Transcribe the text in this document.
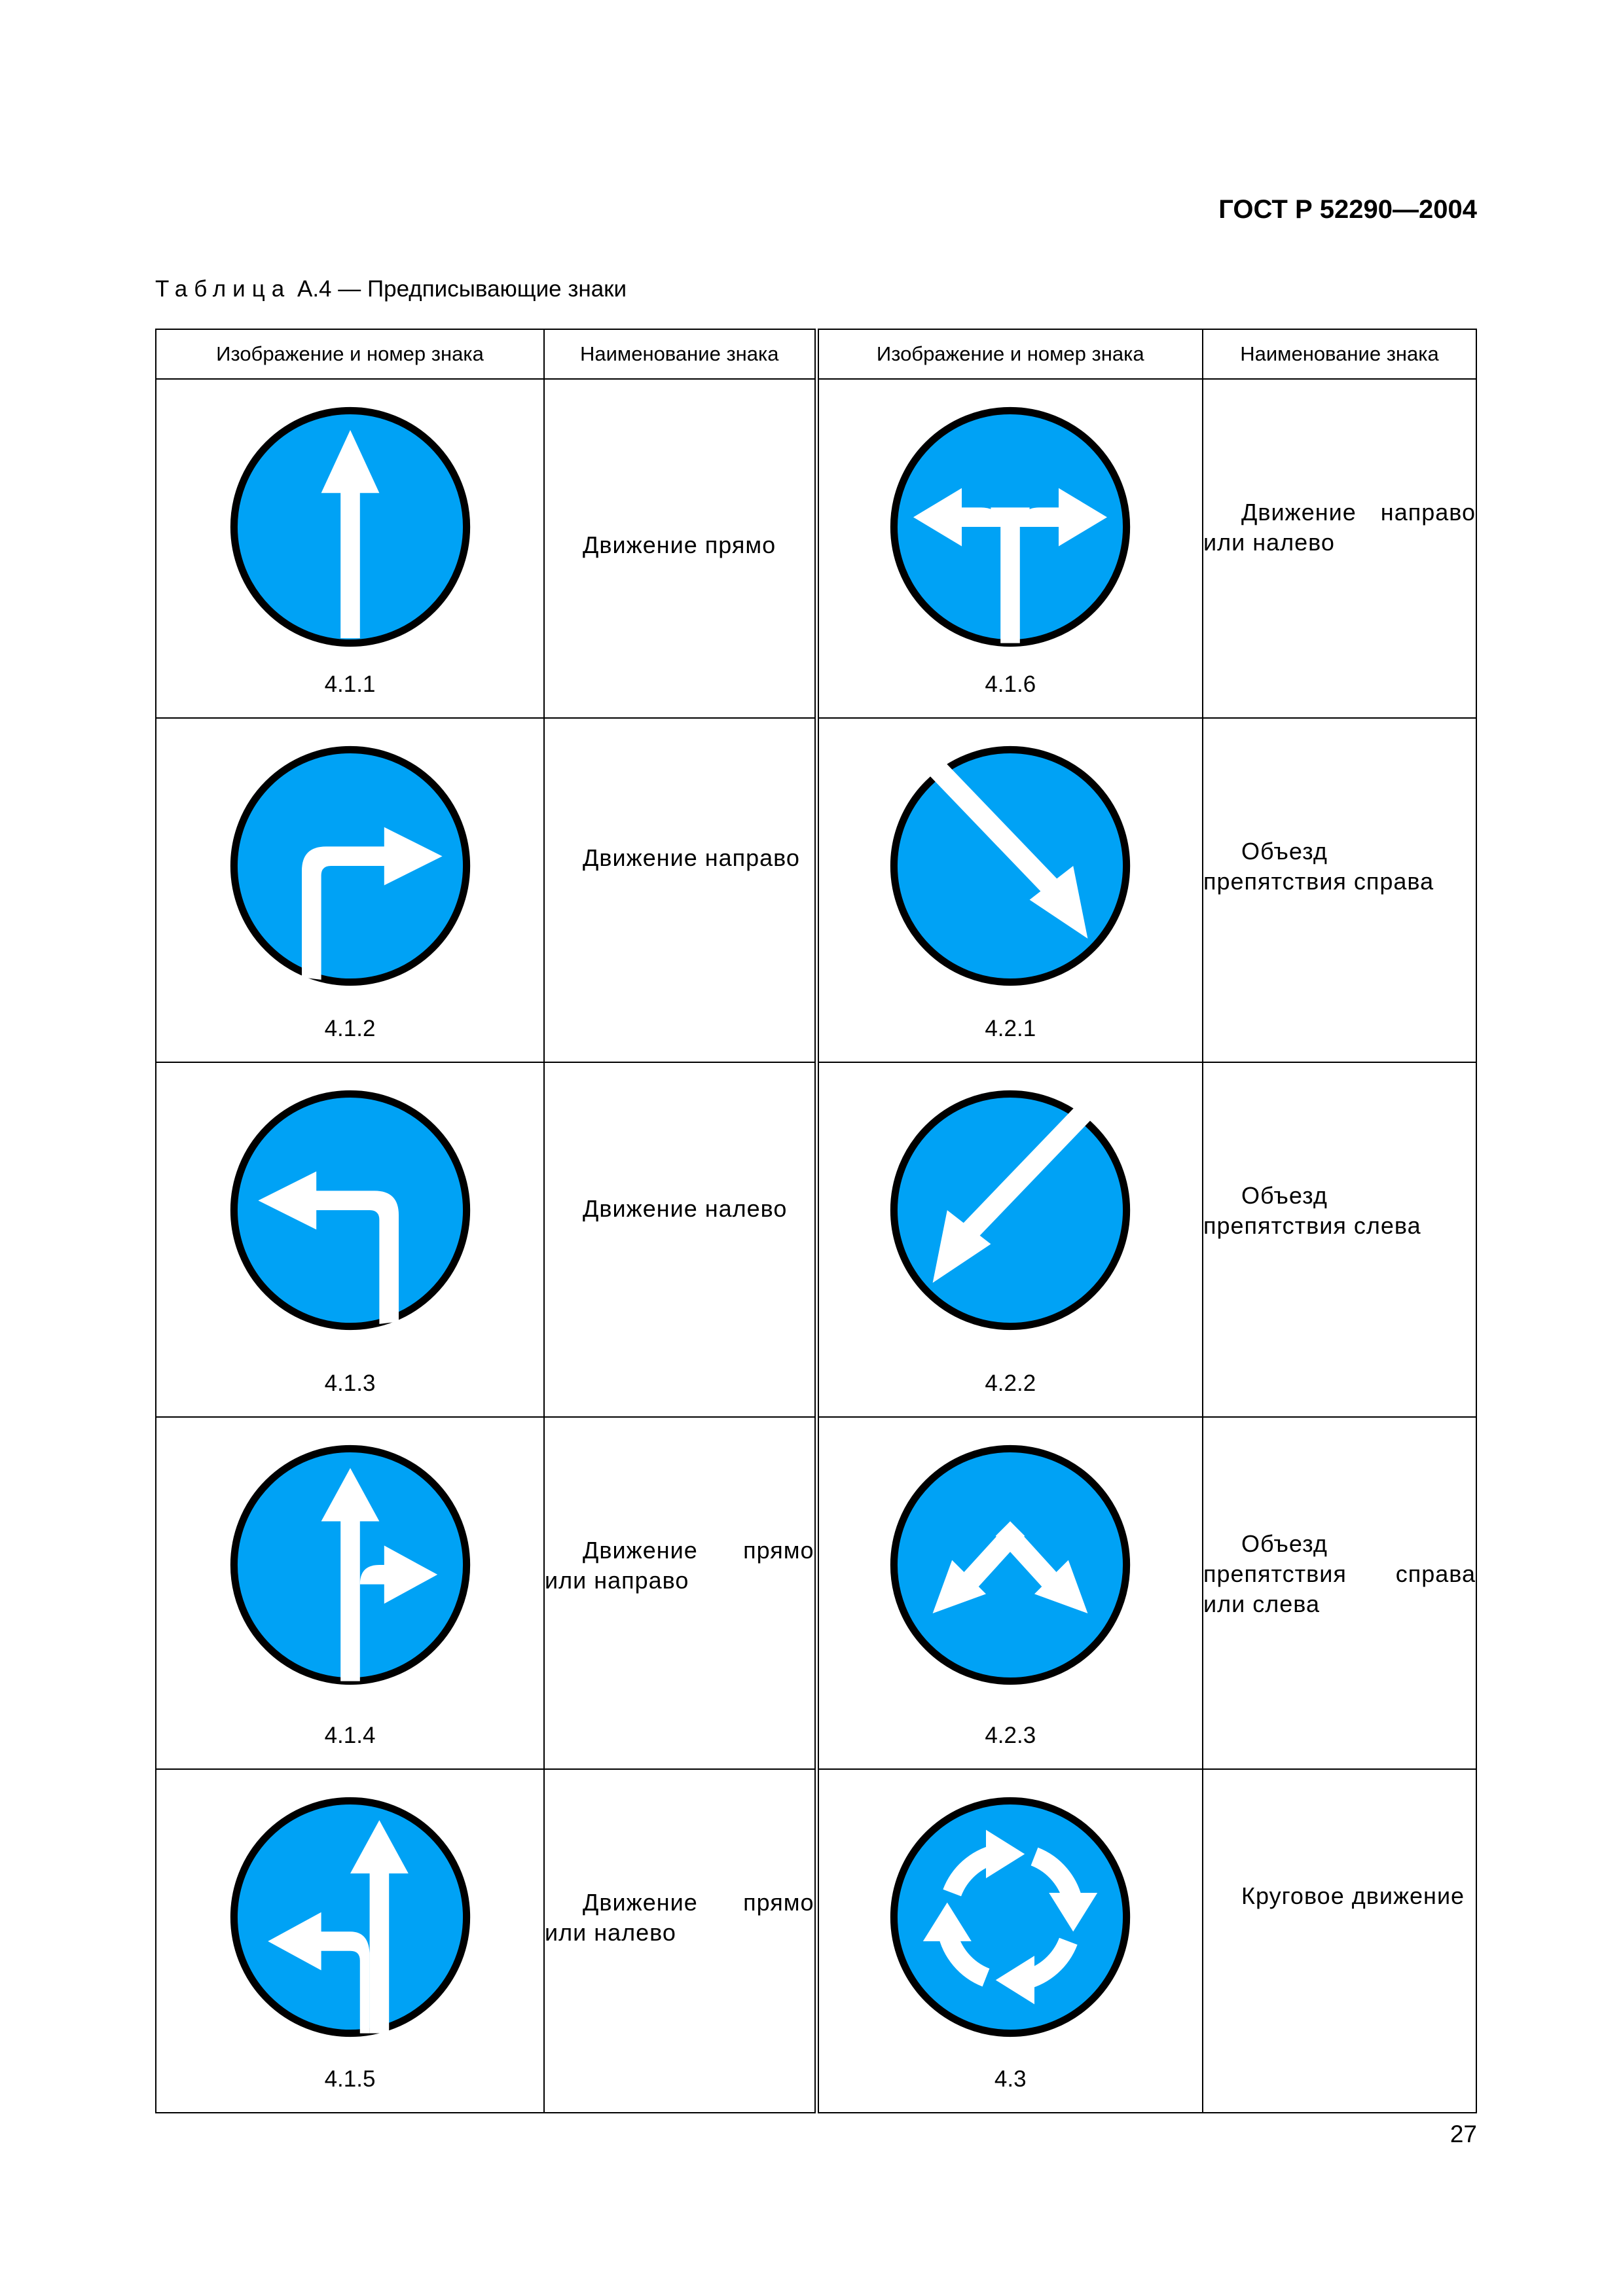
ГОСТ Р 52290—2004
Таблица А.4 — Предписывающие знаки
Изображение и номер знака	Наименование знака	Изображение и номер знака	Наименование знака

4.1.1	Движение прямо	4.1.6	Движение направо или налево

4.1.2	Движение направо	4.2.1	Объезд препятствия справа

4.1.3	Движение налево	4.2.2	Объезд препятствия слева

4.1.4	Движение прямо или направо	4.2.3	Объезд препятствия справа или слева

4.1.5	Движение прямо или налево	4.3	Круговое движение
27
